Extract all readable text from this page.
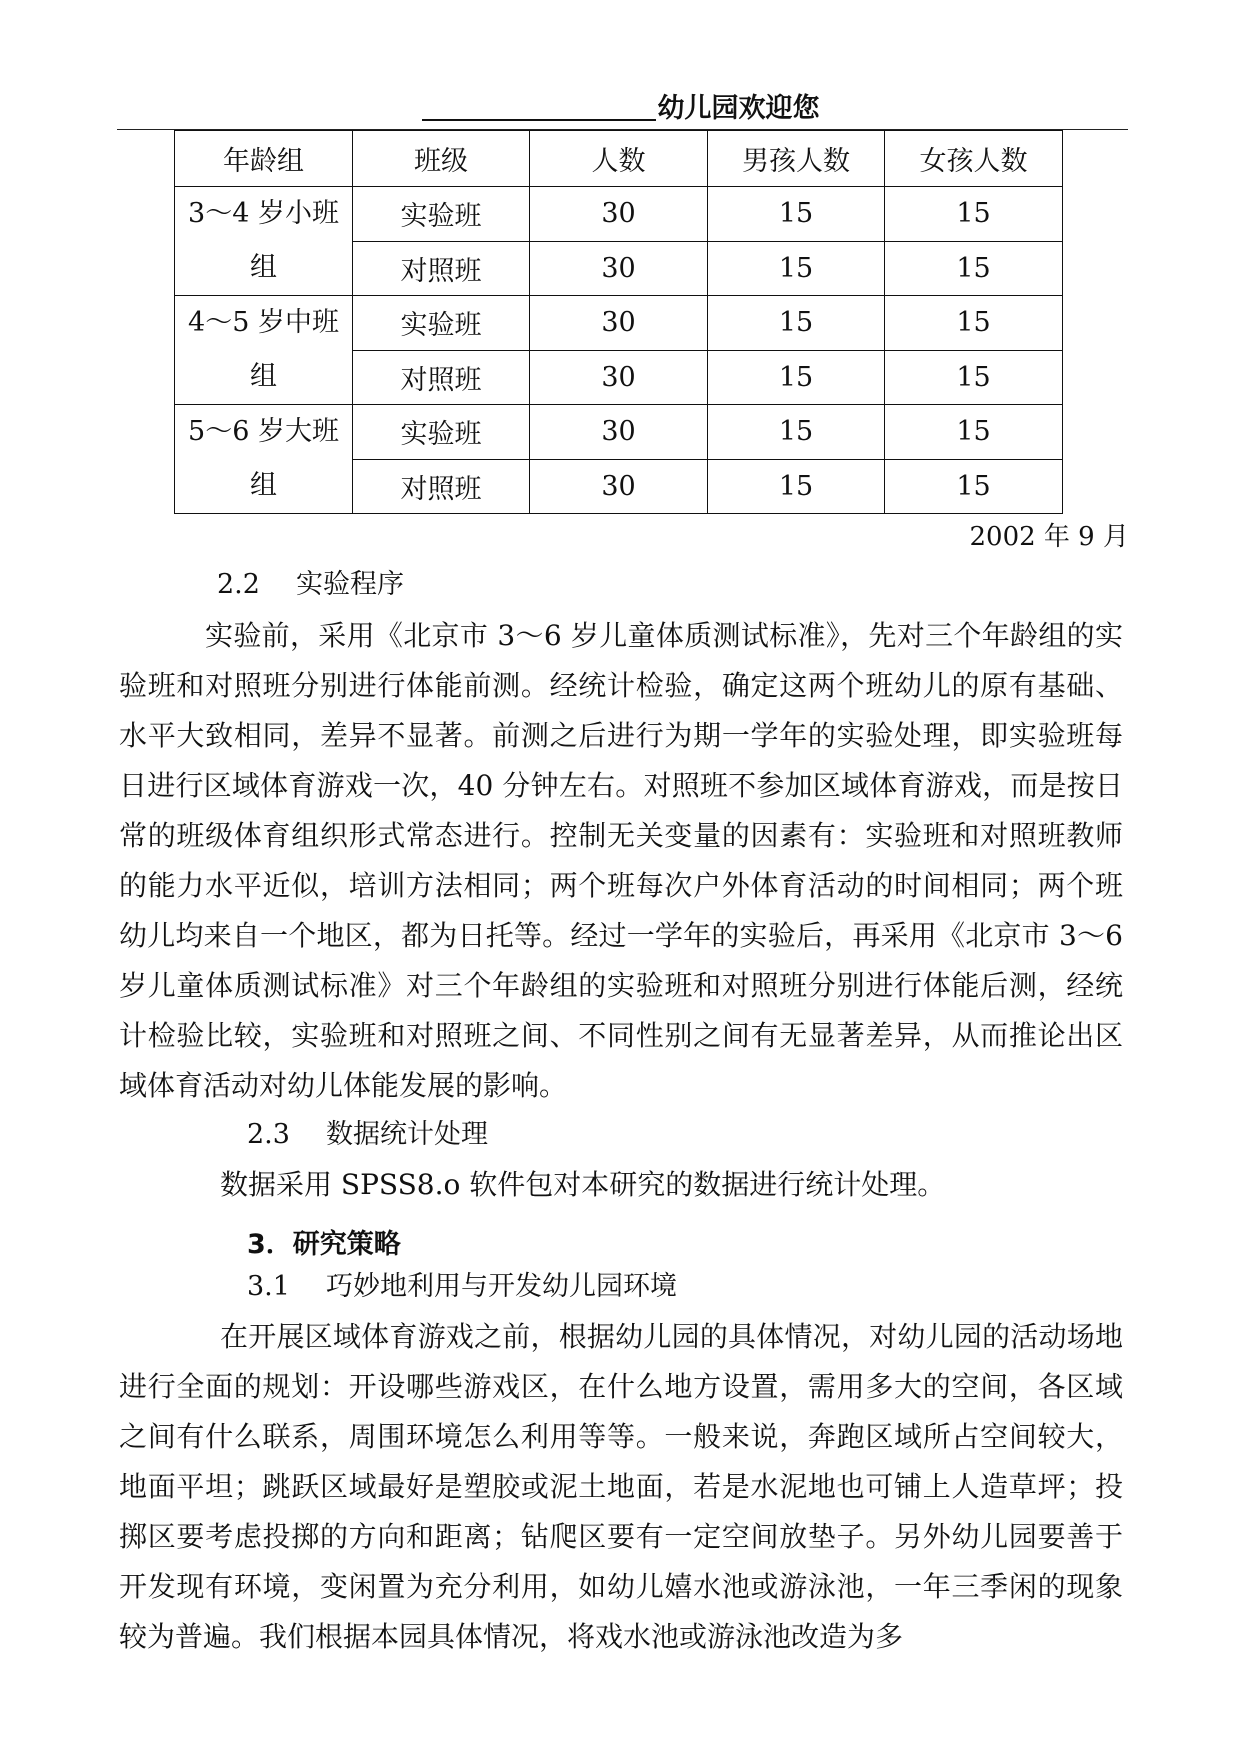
幼儿园欢迎您
年龄组	班级	人数	男孩人数	女孩人数
3～4 岁小班
组	实验班	30	15	15
	对照班	30	15	15
4～5 岁中班
组	实验班	30	15	15
	对照班	30	15	15
5～6 岁大班
组	实验班	30	15	15
	对照班	30	15	15
2002 年 9 月

2.2 实验程序

实验前，采用《北京市 3～6 岁儿童体质测试标准》，先对三个年龄组的实验班和对照班分别进行体能前测。经统计检验，确定这两个班幼儿的原有基础、水平大致相同，差异不显著。前测之后进行为期一学年的实验处理，即实验班每日进行区域体育游戏一次，40 分钟左右。对照班不参加区域体育游戏，而是按日常的班级体育组织形式常态进行。控制无关变量的因素有：实验班和对照班教师的能力水平近似，培训方法相同；两个班每次户外体育活动的时间相同；两个班幼儿均来自一个地区，都为日托等。经过一学年的实验后，再采用《北京市 3～6 岁儿童体质测试标准》对三个年龄组的实验班和对照班分别进行体能后测，经统计检验比较，实验班和对照班之间、不同性别之间有无显著差异，从而推论出区域体育活动对幼儿体能发展的影响。

2.3 数据统计处理

数据采用 SPSS8.o 软件包对本研究的数据进行统计处理。

3．研究策略

3.1 巧妙地利用与开发幼儿园环境

在开展区域体育游戏之前，根据幼儿园的具体情况，对幼儿园的活动场地进行全面的规划：开设哪些游戏区，在什么地方设置，需用多大的空间，各区域之间有什么联系，周围环境怎么利用等等。一般来说，奔跑区域所占空间较大，地面平坦；跳跃区域最好是塑胶或泥土地面，若是水泥地也可铺上人造草坪；投掷区要考虑投掷的方向和距离；钻爬区要有一定空间放垫子。另外幼儿园要善于开发现有环境，变闲置为充分利用，如幼儿嬉水池或游泳池，一年三季闲的现象较为普遍。我们根据本园具体情况，将戏水池或游泳池改造为多
